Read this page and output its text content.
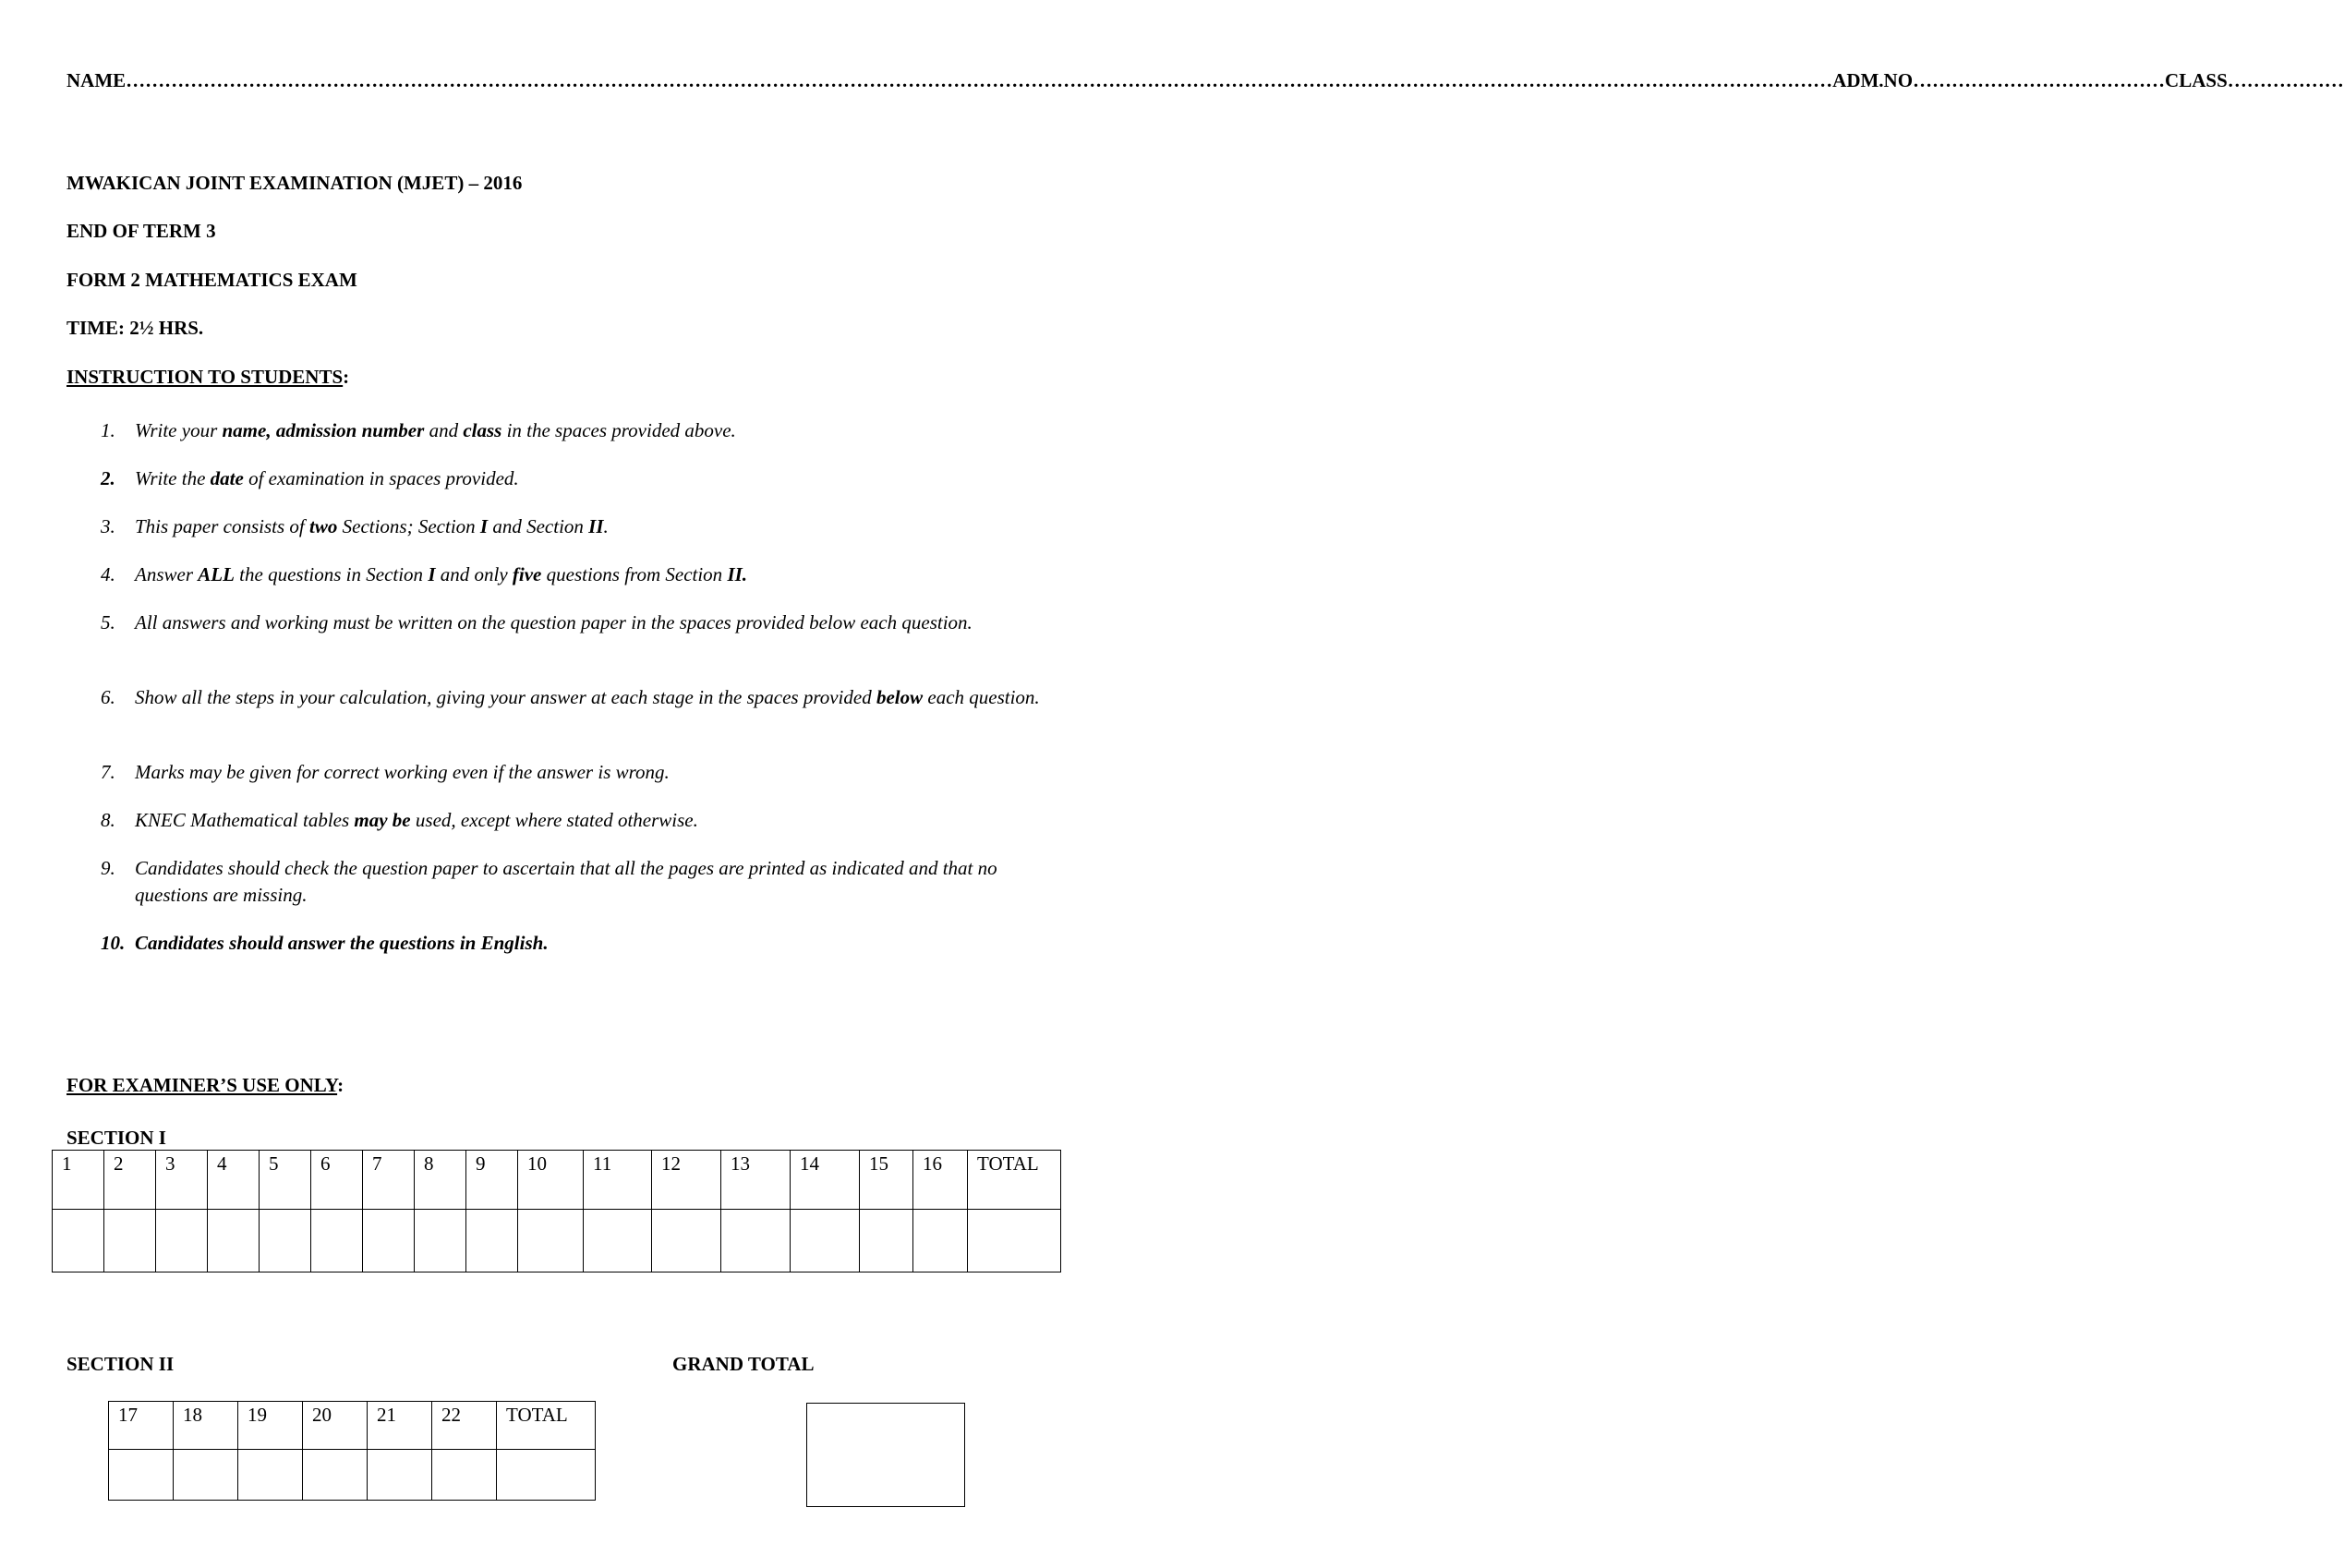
NAME…………………………………………………………………………………………………………………………………………………………………………………………………………………………………………ADM.NO…………………………………CLASS………………
MWAKICAN JOINT EXAMINATION (MJET) – 2016
END OF TERM 3
FORM 2 MATHEMATICS EXAM
TIME: 2½ HRS.
INSTRUCTION TO STUDENTS:
1.	Write your name, admission number and class in the spaces provided above.
2.	Write the date of examination in spaces provided.
3.	This paper consists of two Sections; Section I and Section II.
4.	Answer ALL the questions in Section I and only five questions from Section II.
5.	All answers and working must be written on the question paper in the spaces provided below each question.
6.	Show all the steps in your calculation, giving your answer at each stage in the spaces provided below each question.
7.	Marks may be given for correct working even if the answer is wrong.
8.	KNEC Mathematical tables may be used, except where stated otherwise.
9.	Candidates should check the question paper to ascertain that all the pages are printed as indicated and that no questions are missing.
10. Candidates should answer the questions in English.
FOR EXAMINER’S USE ONLY:
SECTION I
1	2	3	4	5	6	7	8	9	10	11	12	13	14	15	16	TOTAL

SECTION II	GRAND TOTAL
17	18	19	20	21	22	TOTAL
